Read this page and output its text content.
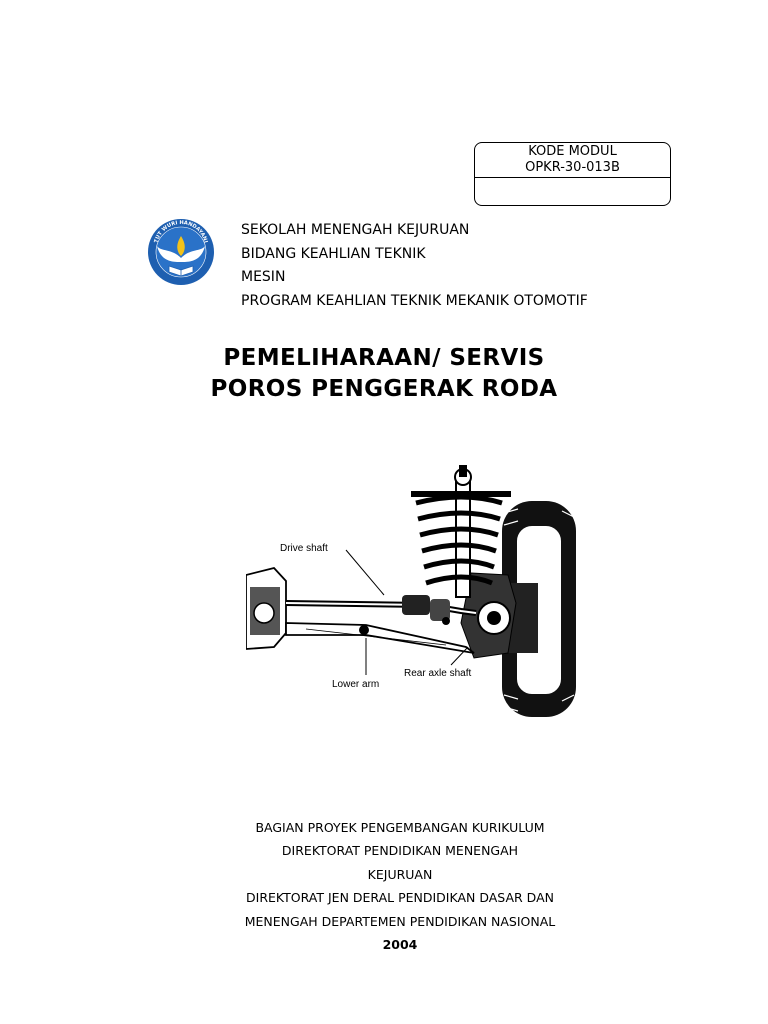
KODE MODUL
OPKR-30-013B
TUT WURI HANDAYANI
SEKOLAH MENENGAH KEJURUAN
BIDANG KEAHLIAN TEKNIK
MESIN
PROGRAM KEAHLIAN TEKNIK MEKANIK OTOMOTIF
PEMELIHARAAN/ SERVIS
POROS PENGGERAK RODA
Drive shaft
Rear axle shaft
Lower arm
BAGIAN PROYEK PENGEMBANGAN KURIKULUM
DIREKTORAT PENDIDIKAN MENENGAH
KEJURUAN
DIREKTORAT JEN DERAL PENDIDIKAN DASAR DAN
MENENGAH DEPARTEMEN PENDIDIKAN NASIONAL
2004
